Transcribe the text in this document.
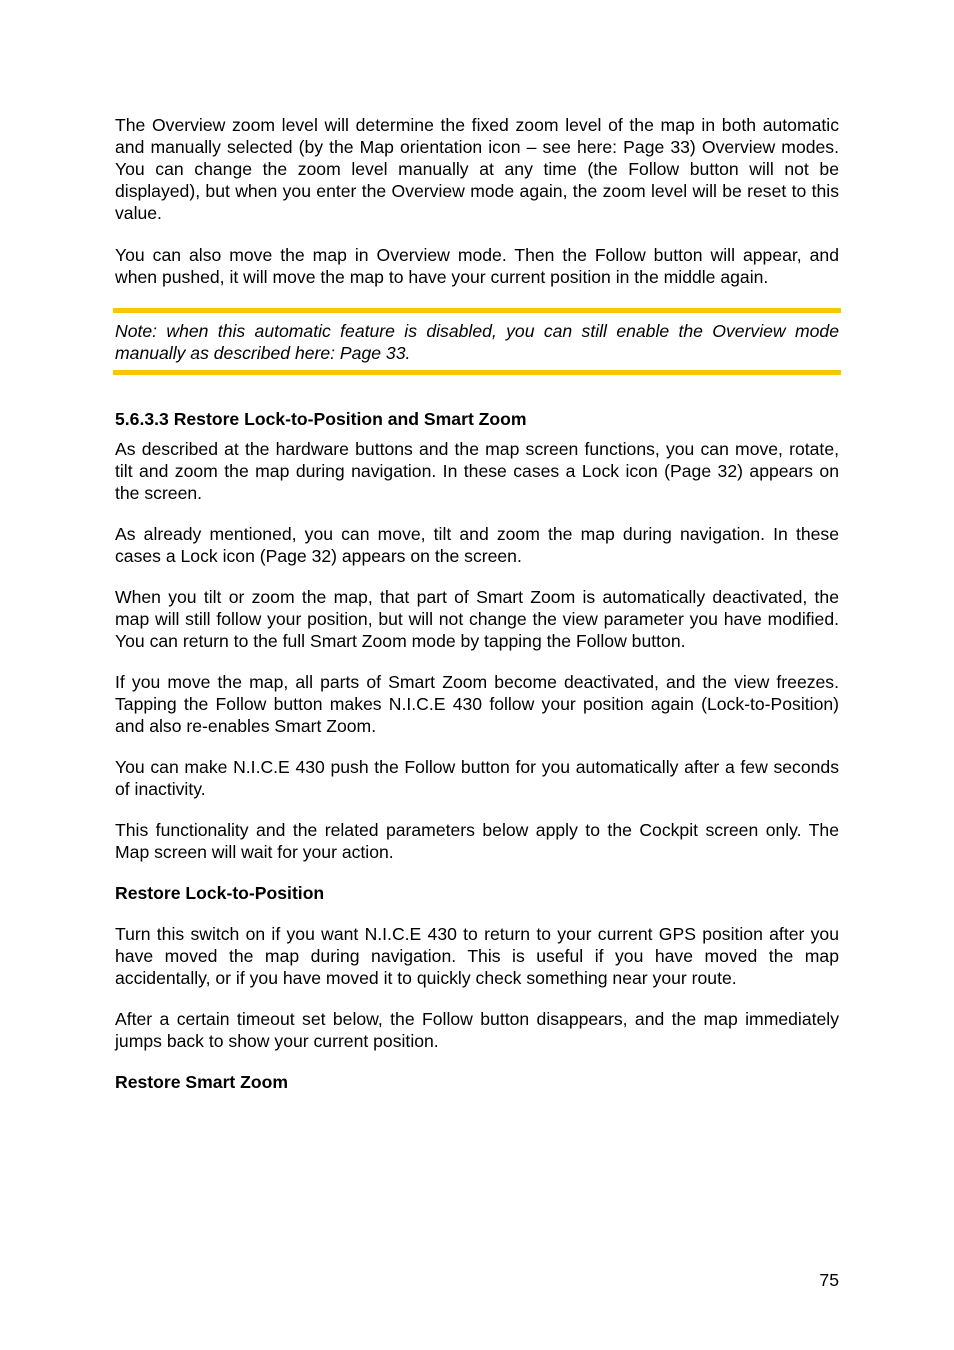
The Overview zoom level will determine the fixed zoom level of the map in both automatic and manually selected (by the Map orientation icon – see here: Page 33) Overview modes. You can change the zoom level manually at any time (the Follow button will not be displayed), but when you enter the Overview mode again, the zoom level will be reset to this value.

You can also move the map in Overview mode. Then the Follow button will appear, and when pushed, it will move the map to have your current position in the middle again.

Note: when this automatic feature is disabled, you can still enable the Overview mode manually as described here: Page 33.

5.6.3.3 Restore Lock-to-Position and Smart Zoom

As described at the hardware buttons and the map screen functions, you can move, rotate, tilt and zoom the map during navigation. In these cases a Lock icon (Page 32) appears on the screen.

As already mentioned, you can move, tilt and zoom the map during navigation. In these cases a Lock icon (Page 32) appears on the screen.

When you tilt or zoom the map, that part of Smart Zoom is automatically deactivated, the map will still follow your position, but will not change the view parameter you have modified. You can return to the full Smart Zoom mode by tapping the Follow button.

If you move the map, all parts of Smart Zoom become deactivated, and the view freezes. Tapping the Follow button makes N.I.C.E 430 follow your position again (Lock-to-Position) and also re-enables Smart Zoom.

You can make N.I.C.E 430 push the Follow button for you automatically after a few seconds of inactivity.

This functionality and the related parameters below apply to the Cockpit screen only. The Map screen will wait for your action.

Restore Lock-to-Position

Turn this switch on if you want N.I.C.E 430 to return to your current GPS position after you have moved the map during navigation. This is useful if you have moved the map accidentally, or if you have moved it to quickly check something near your route.

After a certain timeout set below, the Follow button disappears, and the map immediately jumps back to show your current position.

Restore Smart Zoom
75
